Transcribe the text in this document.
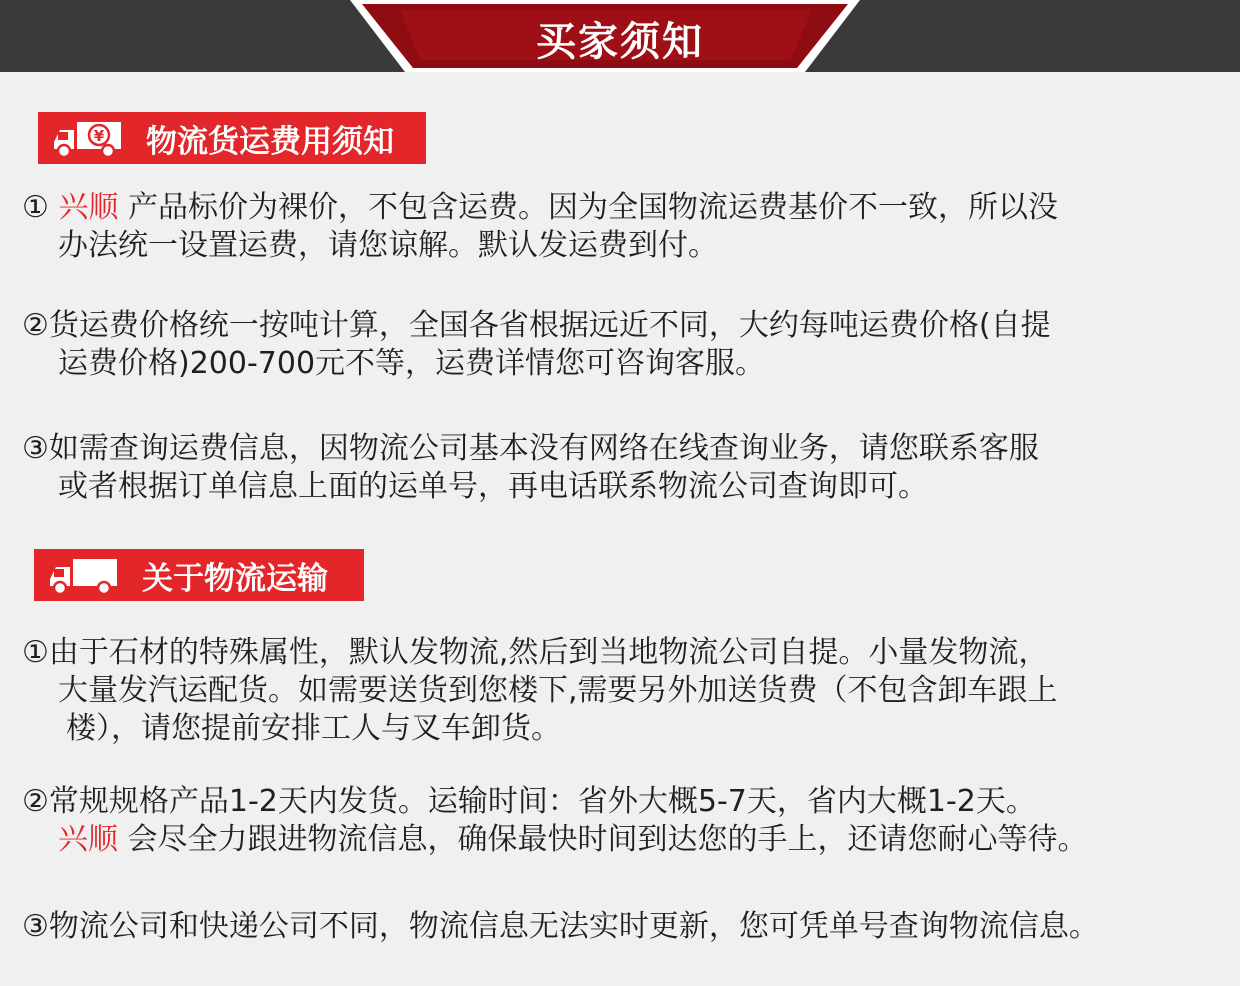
买家须知
¥ 物流货运费用须知
① 兴顺 产品标价为裸价，不包含运费。因为全国物流运费基价不一致，所以没
办法统一设置运费，请您谅解。默认发运费到付。
②货运费价格统一按吨计算，全国各省根据远近不同，大约每吨运费价格(自提
运费价格)200-700元不等，运费详情您可咨询客服。
③如需查询运费信息，因物流公司基本没有网络在线查询业务，请您联系客服
或者根据订单信息上面的运单号，再电话联系物流公司查询即可。
关于物流运输
①由于石材的特殊属性，默认发物流,然后到当地物流公司自提。小量发物流，
大量发汽运配货。如需要送货到您楼下,需要另外加送货费（不包含卸车跟上
楼），请您提前安排工人与叉车卸货。
②常规规格产品1-2天内发货。运输时间：省外大概5-7天，省内大概1-2天。
兴顺 会尽全力跟进物流信息，确保最快时间到达您的手上，还请您耐心等待。
③物流公司和快递公司不同，物流信息无法实时更新，您可凭单号查询物流信息。
